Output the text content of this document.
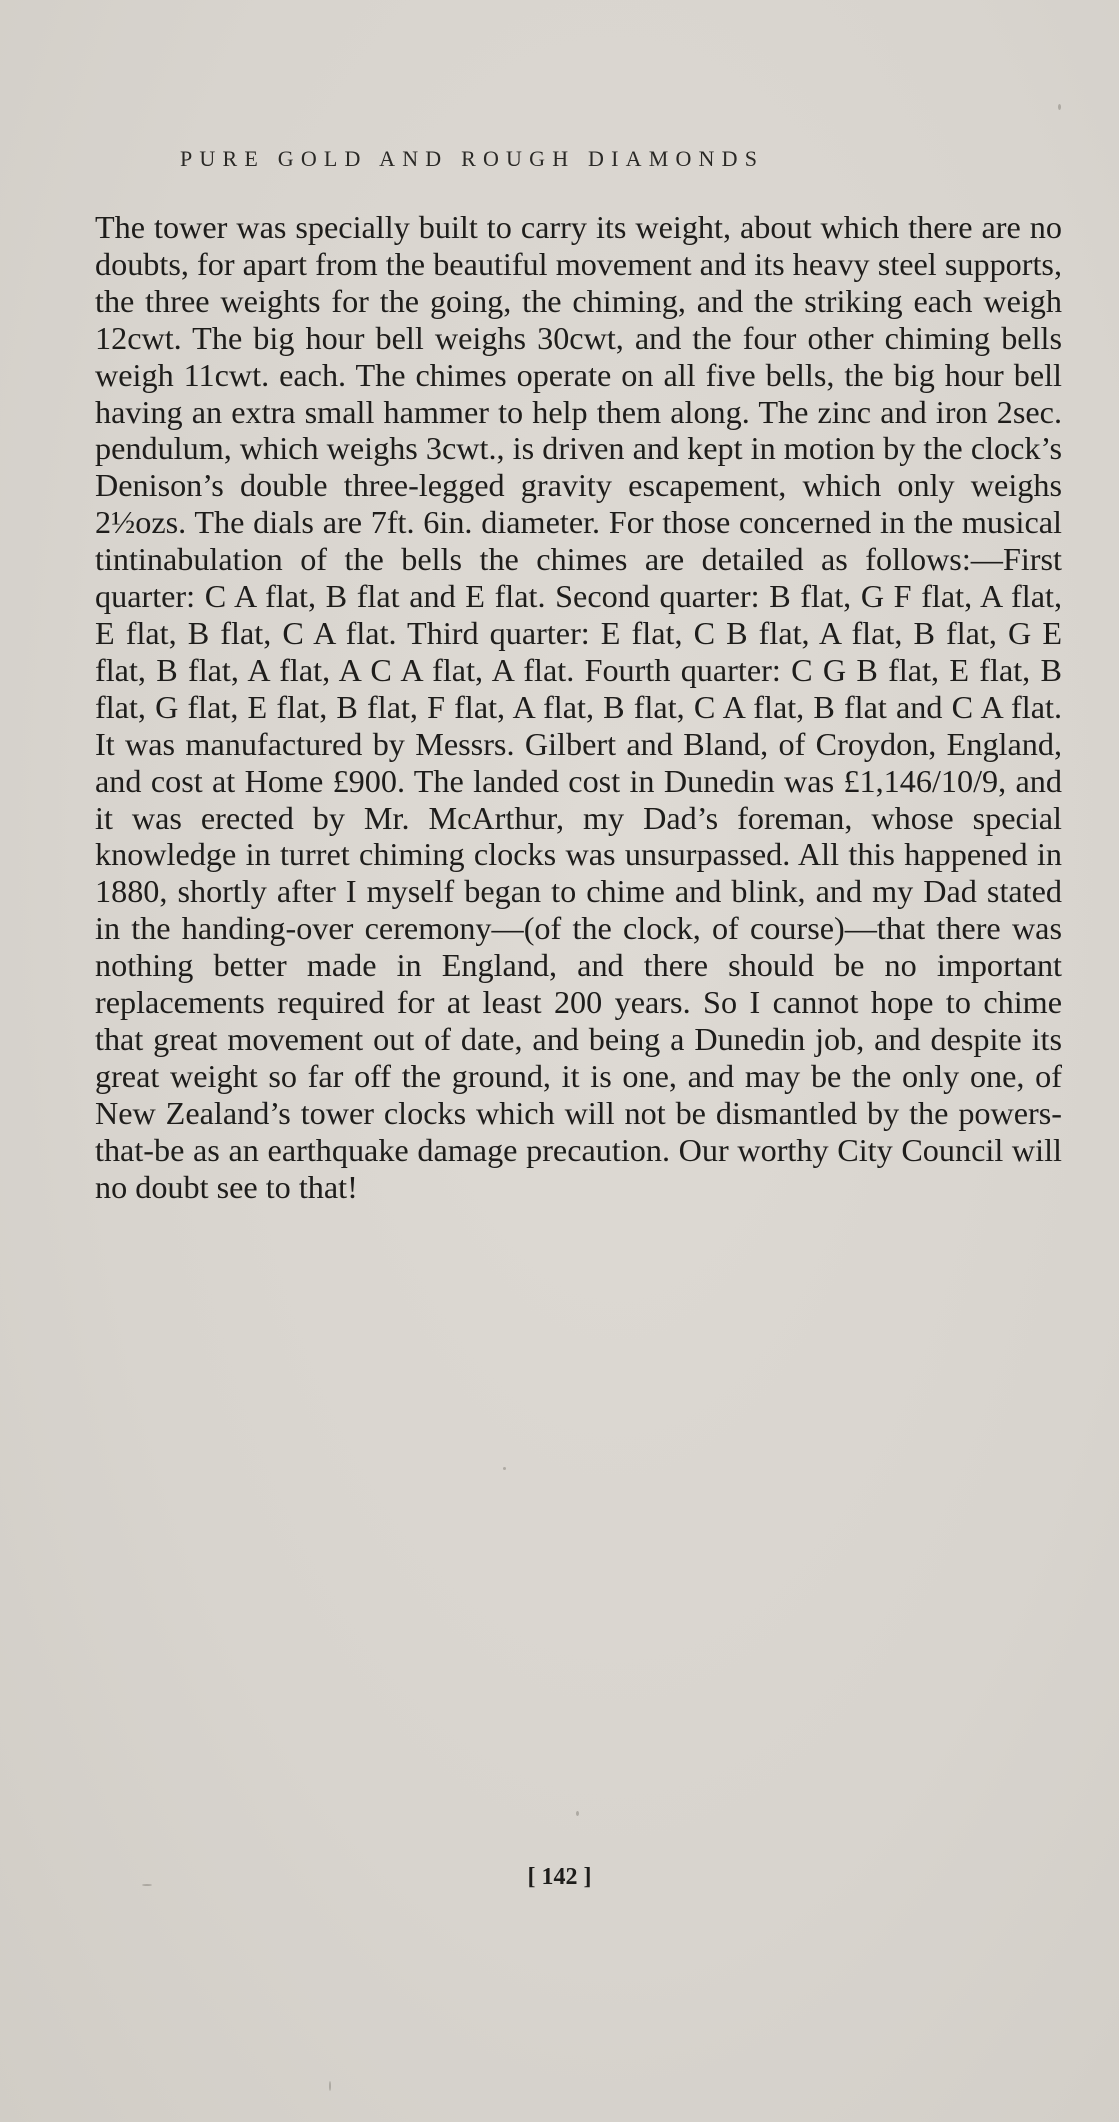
PURE GOLD AND ROUGH DIAMONDS

The tower was specially built to carry its weight, about which there are no doubts, for apart from the beautiful movement and its heavy steel supports, the three weights for the going, the chiming, and the striking each weigh 12cwt. The big hour bell weighs 30cwt, and the four other chiming bells weigh 11cwt. each. The chimes operate on all five bells, the big hour bell having an extra small hammer to help them along. The zinc and iron 2sec. pendulum, which weighs 3cwt., is driven and kept in motion by the clock’s Denison’s double three-legged gravity escapement, which only weighs 2½ozs. The dials are 7ft. 6in. diameter. For those concerned in the musical tintinabulation of the bells the chimes are detailed as follows:—First quarter: C A flat, B flat and E flat. Second quarter: B flat, G F flat, A flat, E flat, B flat, C A flat. Third quarter: E flat, C B flat, A flat, B flat, G E flat, B flat, A flat, A C A flat, A flat. Fourth quarter: C G B flat, E flat, B flat, G flat, E flat, B flat, F flat, A flat, B flat, C A flat, B flat and C A flat. It was manufactured by Messrs. Gilbert and Bland, of Croydon, England, and cost at Home £900. The landed cost in Dunedin was £1,146/10/9, and it was erected by Mr. McArthur, my Dad’s foreman, whose special knowledge in turret chiming clocks was unsurpassed. All this happened in 1880, shortly after I myself began to chime and blink, and my Dad stated in the handing-over ceremony—(of the clock, of course)—that there was nothing better made in England, and there should be no important replacements required for at least 200 years. So I cannot hope to chime that great movement out of date, and being a Dunedin job, and despite its great weight so far off the ground, it is one, and may be the only one, of New Zealand’s tower clocks which will not be dismantled by the powers-that-be as an earthquake damage precaution. Our worthy City Council will no doubt see to that!

[ 142 ]
